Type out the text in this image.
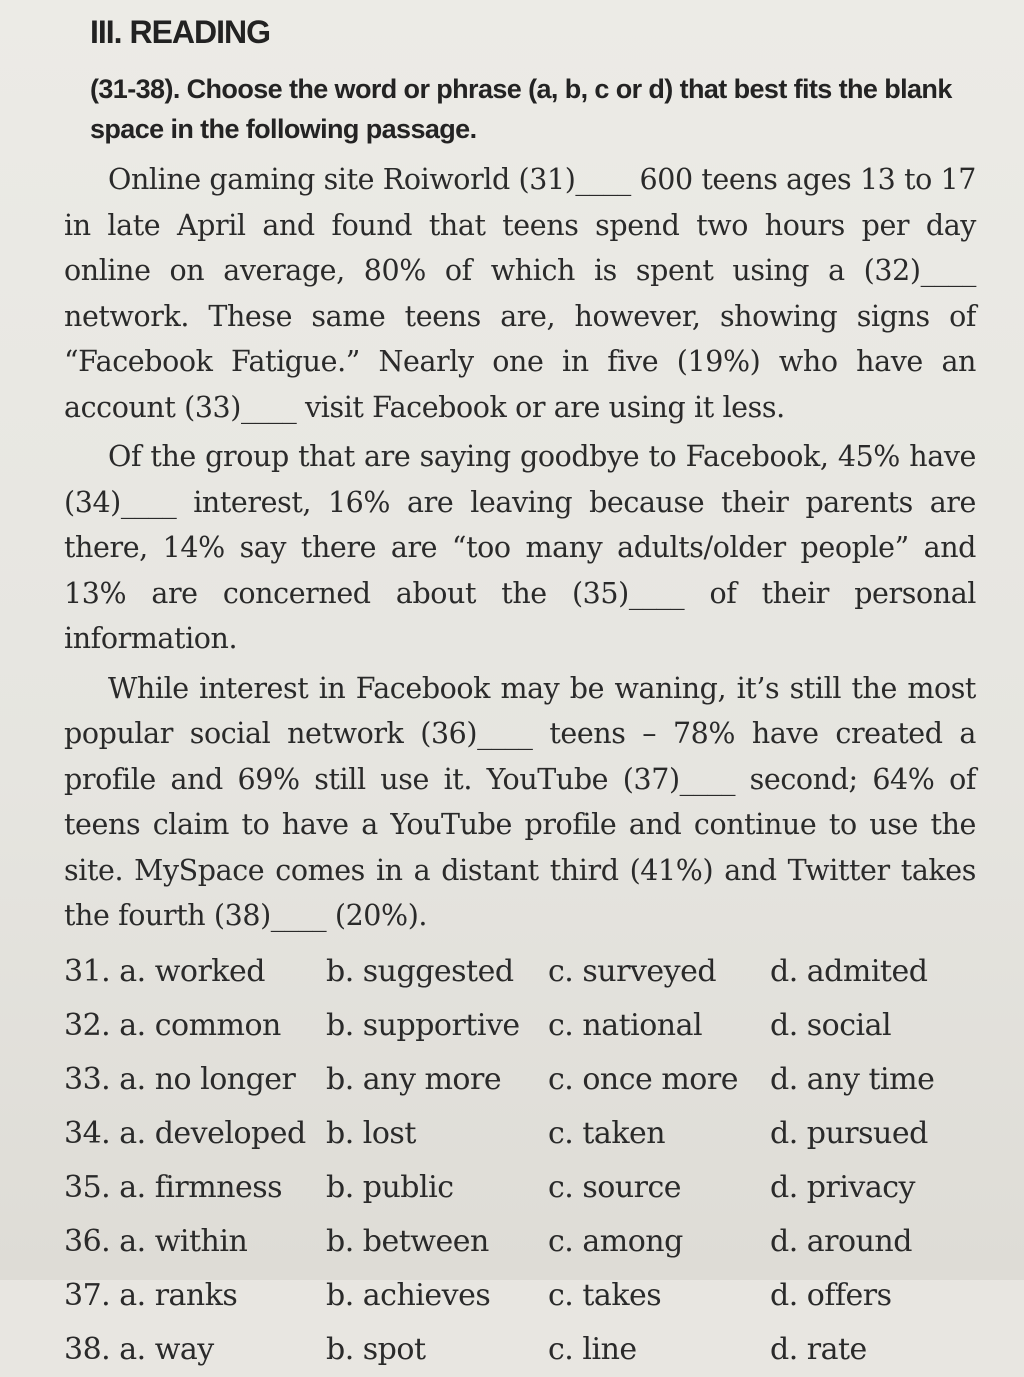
III. READING
(31-38). Choose the word or phrase (a, b, c or d) that best fits the blank space in the following passage.

Online gaming site Roiworld (31)____ 600 teens ages 13 to 17 in late April and found that teens spend two hours per day online on average, 80% of which is spent using a (32)____ network. These same teens are, however, showing signs of “Facebook Fatigue.” Nearly one in five (19%) who have an account (33)____ visit Facebook or are using it less.

Of the group that are saying goodbye to Facebook, 45% have (34)____ interest, 16% are leaving because their parents are there, 14% say there are “too many adults/older people” and 13% are concerned about the (35)____ of their personal information.

While interest in Facebook may be waning, it’s still the most popular social network (36)____ teens – 78% have created a profile and 69% still use it. YouTube (37)____ second; 64% of teens claim to have a YouTube profile and continue to use the site. MySpace comes in a distant third (41%) and Twitter takes the fourth (38)____ (20%).

31. a. worked	b. suggested	c. surveyed	d. admited
32. a. common	b. supportive c. national	d. social
33. a. no longer	b. any more	c. once more	d. any time
34. a. developed b. lost	c. taken	d. pursued
35. a. firmness	b. public	c. source	d. privacy
36. a. within	b. between	c. among	d. around
37. a. ranks	b. achieves	c. takes	d. offers
38. a. way	b. spot	c. line	d. rate
